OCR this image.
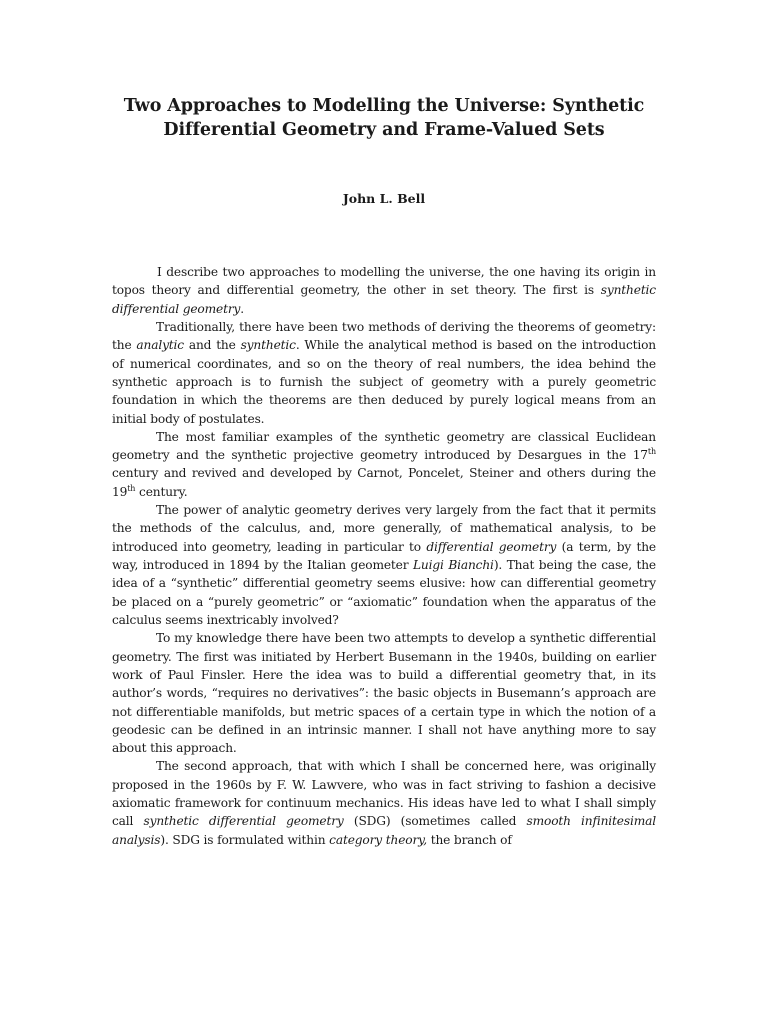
Two Approaches to Modelling the Universe: Synthetic Differential Geometry and Frame-Valued Sets
John L. Bell

I describe two approaches to modelling the universe, the one having its origin in topos theory and differential geometry, the other in set theory. The first is synthetic differential geometry.

Traditionally, there have been two methods of deriving the theorems of geometry: the analytic and the synthetic. While the analytical method is based on the introduction of numerical coordinates, and so on the theory of real numbers, the idea behind the synthetic approach is to furnish the subject of geometry with a purely geometric foundation in which the theorems are then deduced by purely logical means from an initial body of postulates.

The most familiar examples of the synthetic geometry are classical Euclidean geometry and the synthetic projective geometry introduced by Desargues in the 17th century and revived and developed by Carnot, Poncelet, Steiner and others during the 19th century.

The power of analytic geometry derives very largely from the fact that it permits the methods of the calculus, and, more generally, of mathematical analysis, to be introduced into geometry, leading in particular to differential geometry (a term, by the way, introduced in 1894 by the Italian geometer Luigi Bianchi). That being the case, the idea of a “synthetic” differential geometry seems elusive: how can differential geometry be placed on a “purely geometric” or “axiomatic” foundation when the apparatus of the calculus seems inextricably involved?

To my knowledge there have been two attempts to develop a synthetic differential geometry. The first was initiated by Herbert Busemann in the 1940s, building on earlier work of Paul Finsler. Here the idea was to build a differential geometry that, in its author’s words, “requires no derivatives”: the basic objects in Busemann’s approach are not differentiable manifolds, but metric spaces of a certain type in which the notion of a geodesic can be defined in an intrinsic manner. I shall not have anything more to say about this approach.

The second approach, that with which I shall be concerned here, was originally proposed in the 1960s by F. W. Lawvere, who was in fact striving to fashion a decisive axiomatic framework for continuum mechanics. His ideas have led to what I shall simply call synthetic differential geometry (SDG) (sometimes called smooth infinitesimal analysis). SDG is formulated within category theory, the branch of
